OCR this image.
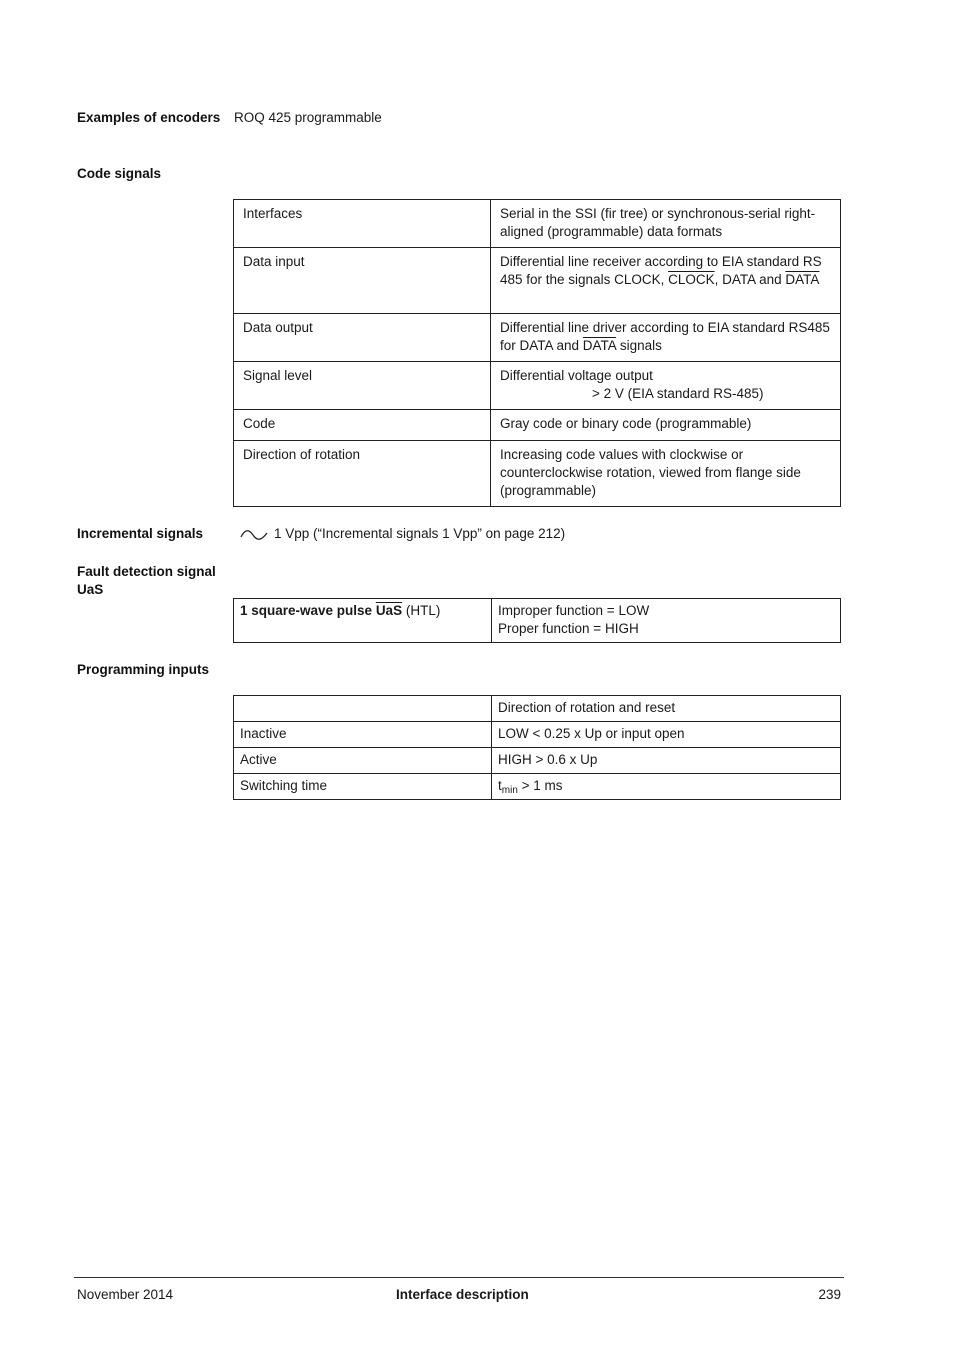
Examples of encoders	ROQ 425 programmable
Code signals
Interfaces	Serial in the SSI (fir tree) or synchronous-serial right-aligned (programmable) data formats
Data input	Differential line receiver according to EIA standard RS 485 for the signals CLOCK, CLOCK, DATA and DATA
Data output	Differential line driver according to EIA standard RS485 for DATA and DATA signals
Signal level	Differential voltage output
> 2 V (EIA standard RS-485)

Code	Gray code or binary code (programmable)
Direction of rotation	Increasing code values with clockwise or counterclockwise rotation, viewed from flange side (programmable)
Incremental signals	1 Vpp (“Incremental signals 1 Vpp” on page 212)
Fault detection signal UaS
1 square-wave pulse $\overline{UaS}$ (HTL)	Improper function = LOW
Proper function = HIGH
Programming inputs
	Direction of rotation and reset
Inactive	LOW < 0.25 x Up or input open
Active	HIGH > 0.6 x Up
Switching time	$t_{min} > 1$ ms
November 2014	Interface description	239
